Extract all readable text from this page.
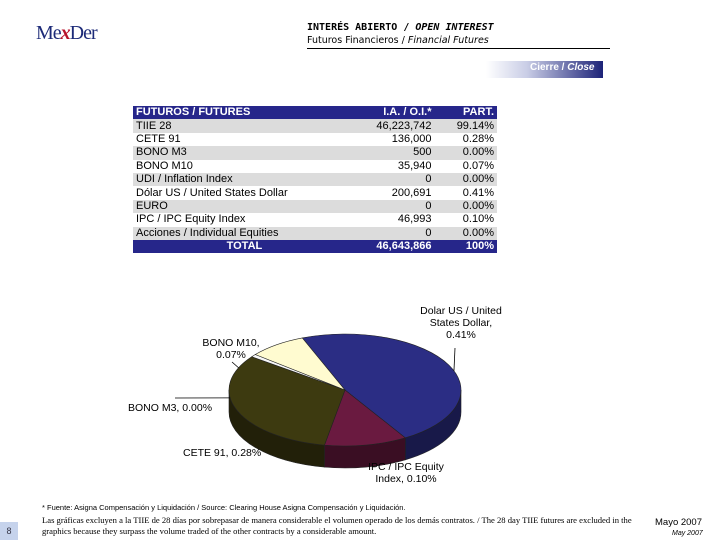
MexDer	INTERÉS ABIERTO / OPEN INTEREST
Futuros Financieros / Financial Futures
Cierre / Close
FUTUROS / FUTURES	I.A. / O.I.*	PART.
TIIE 28	46,223,742	99.14%
CETE 91	136,000	0.28%
BONO M3	500	0.00%
BONO M10	35,940	0.07%
UDI / Inflation Index	0	0.00%
Dólar US / United States Dollar	200,691	0.41%
EURO	0	0.00%
IPC / IPC Equity Index	46,993	0.10%
Acciones / Individual Equities	0	0.00%
TOTAL	46,643,866	100%
Dolar US / United
States Dollar,
0.41%
IPC / IPC Equity
Index, 0.10%
CETE 91, 0.28%
BONO M3, 0.00%
BONO M10,
0.07%
8
* Fuente: Asigna Compensación y Liquidación / Source: Clearing House Asigna Compensación y Liquidación.
Las gráficas excluyen a la TIIE de 28 días por sobrepasar de manera considerable el volumen operado de los demás contratos. / The 28 day TIIE futures are excluded in the graphics because they surpass the volume traded of the other contracts by a considerable amount.
Mayo 2007
May 2007
